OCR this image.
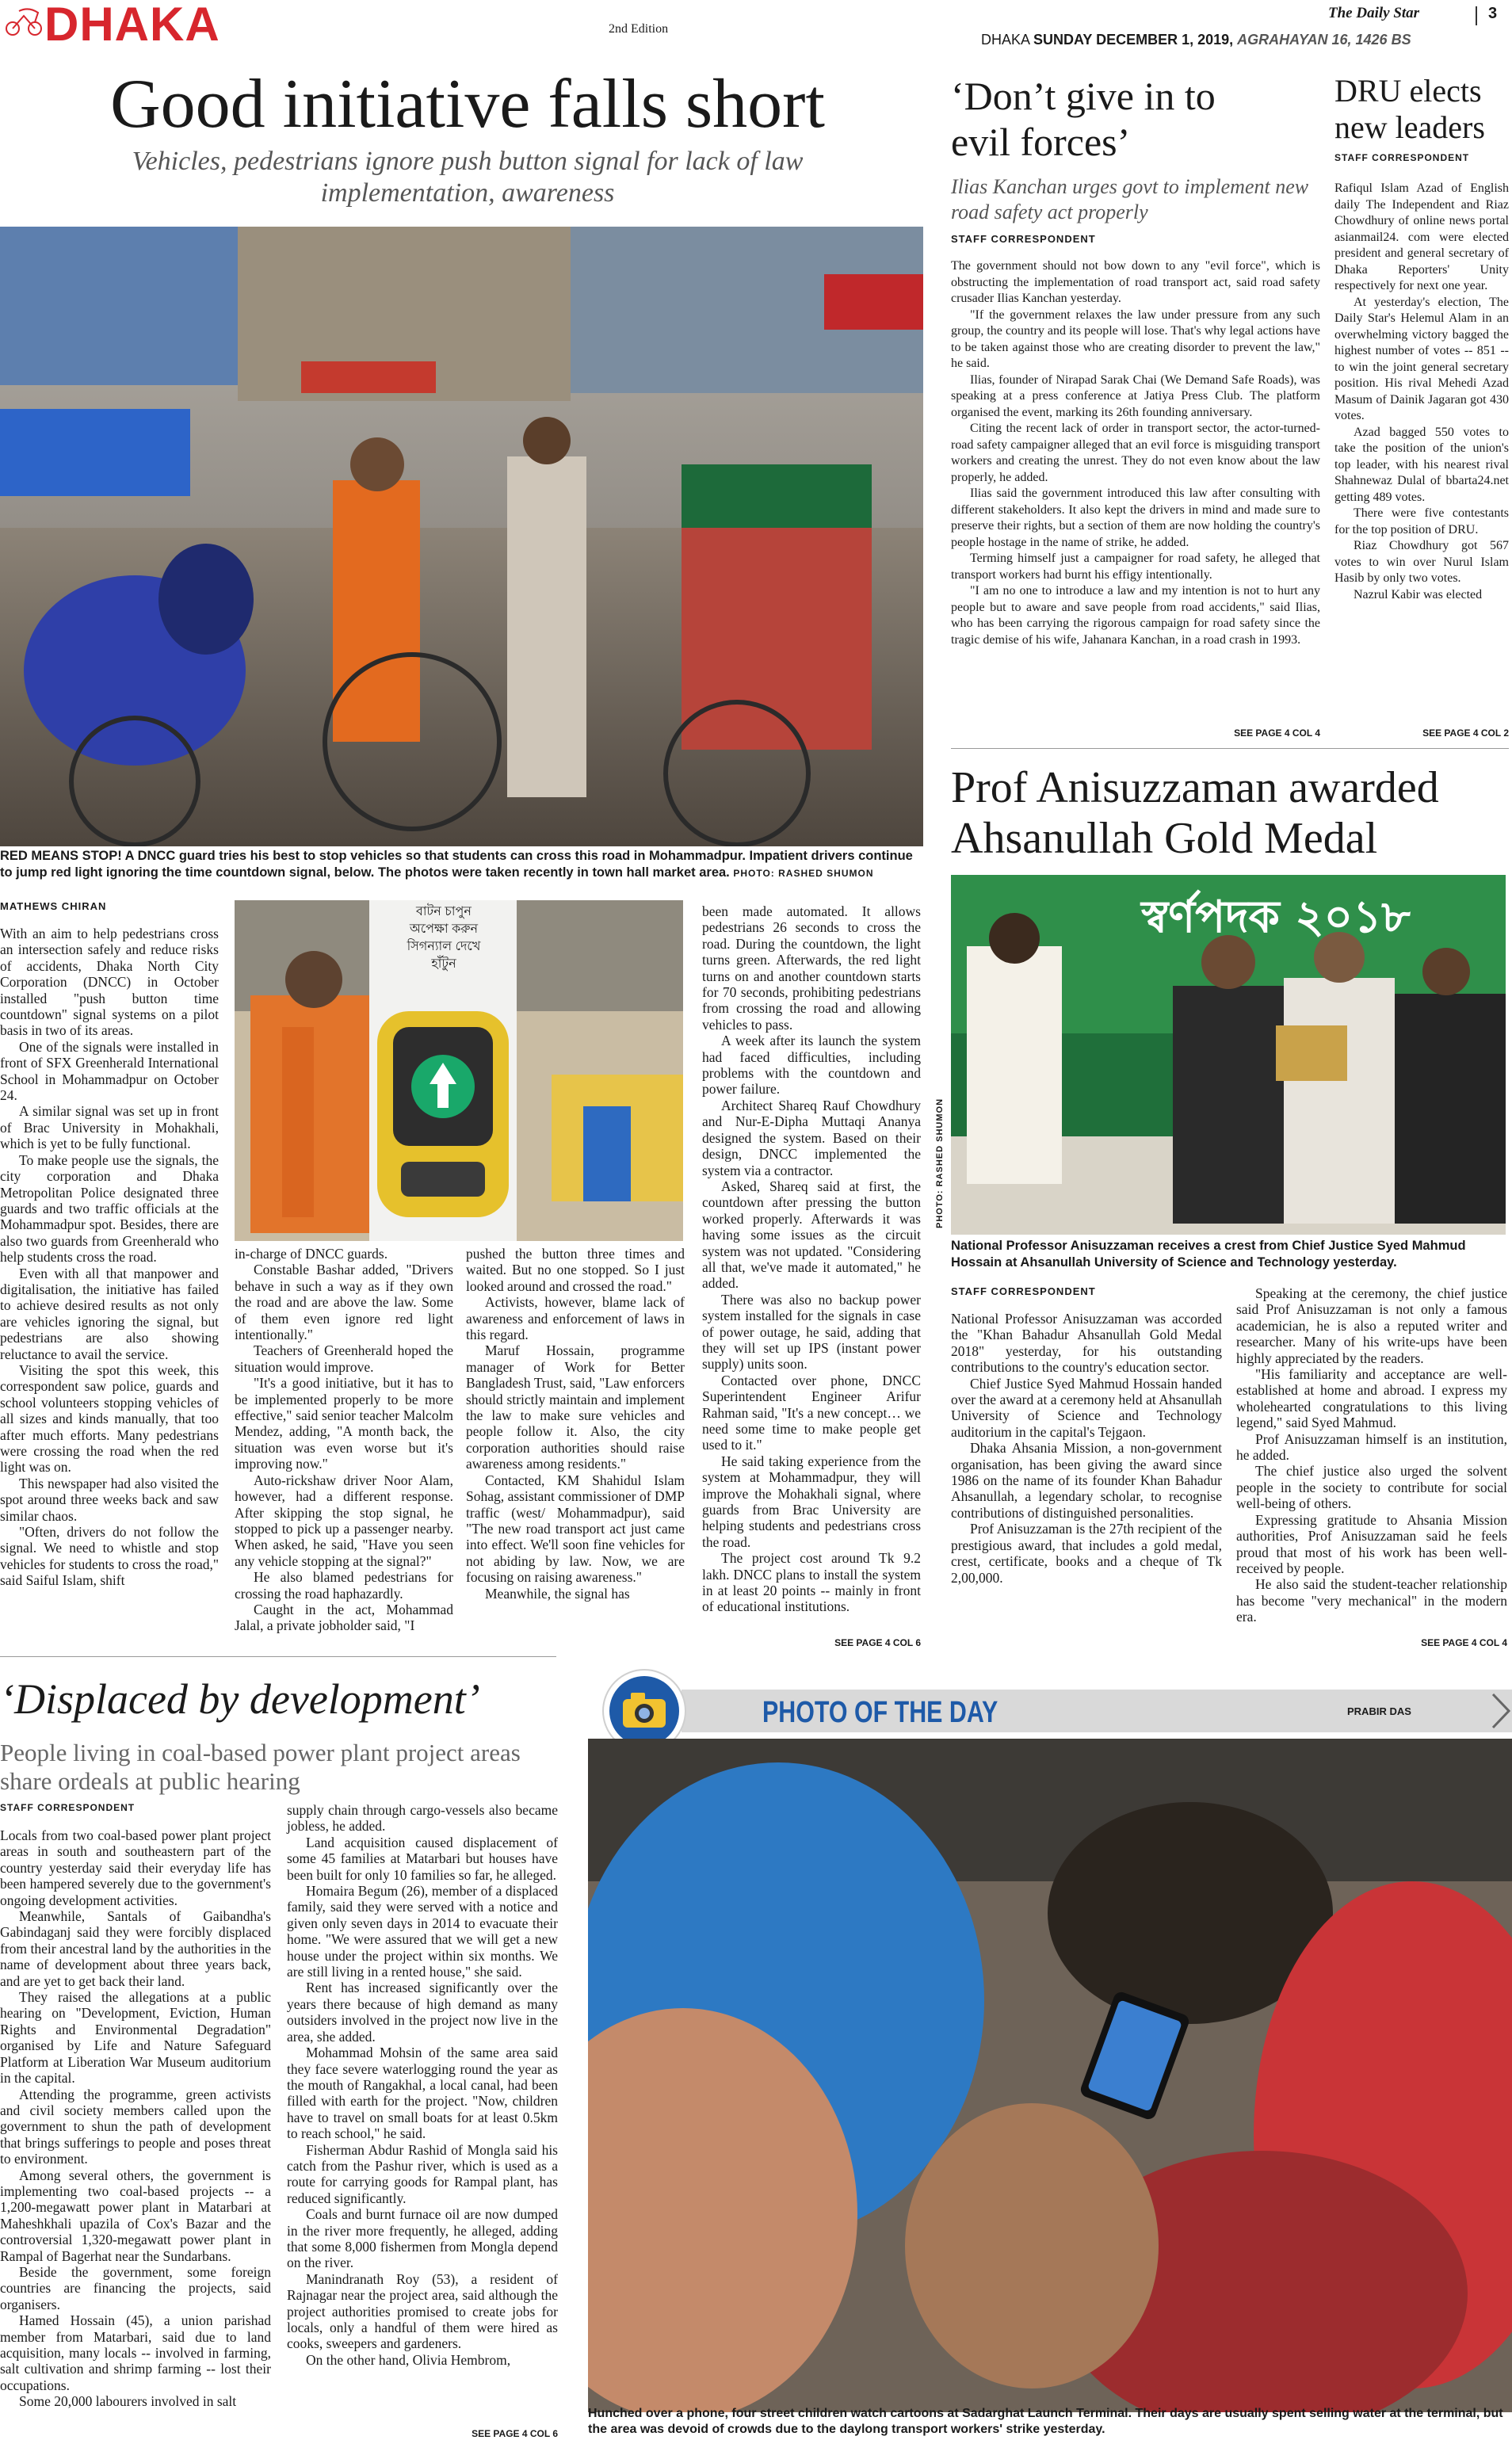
DHAKA	2nd Edition
The Daily Star	3
DHAKA SUNDAY DECEMBER 1, 2019, AGRAHAYAN 16, 1426 BS
Good initiative falls short
Vehicles, pedestrians ignore push button signal for lack of law implementation, awareness
RED MEANS STOP! A DNCC guard tries his best to stop vehicles so that students can cross this road in Mohammadpur. Impatient drivers continue to jump red light ignoring the time countdown signal, below. The photos were taken recently in town hall market area. PHOTO: RASHED SHUMON
MATHEWS CHIRAN

With an aim to help pedestrians cross an intersection safely and reduce risks of accidents, Dhaka North City Corporation (DNCC) in October installed "push button time countdown" signal systems on a pilot basis in two of its areas.

One of the signals were installed in front of SFX Greenherald International School in Mohammadpur on October 24.

A similar signal was set up in front of Brac University in Mohakhali, which is yet to be fully functional.

To make people use the signals, the city corporation and Dhaka Metropolitan Police designated three guards and two traffic officials at the Mohammadpur spot. Besides, there are also two guards from Greenherald who help students cross the road.

Even with all that manpower and digitalisation, the initiative has failed to achieve desired results as not only are vehicles ignoring the signal, but pedestrians are also showing reluctance to avail the service.

Visiting the spot this week, this correspondent saw police, guards and school volunteers stopping vehicles of all sizes and kinds manually, that too after much efforts. Many pedestrians were crossing the road when the red light was on.

This newspaper had also visited the spot around three weeks back and saw similar chaos.

"Often, drivers do not follow the signal. We need to whistle and stop vehicles for students to cross the road," said Saiful Islam, shift

বাটন চাপুন
অপেক্ষা করুন
সিগন্যাল দেখে
হাঁটুন

in-charge of DNCC guards.

Constable Bashar added, "Drivers behave in such a way as if they own the road and are above the law. Some of them even ignore red light intentionally."

Teachers of Greenherald hoped the situation would improve.

"It's a good initiative, but it has to be implemented properly to be more effective," said senior teacher Malcolm Mendez, adding, "A month back, the situation was even worse but it's improving now."

Auto-rickshaw driver Noor Alam, however, had a different response. After skipping the stop signal, he stopped to pick up a passenger nearby. When asked, he said, "Have you seen any vehicle stopping at the signal?"

He also blamed pedestrians for crossing the road haphazardly.

Caught in the act, Mohammad Jalal, a private jobholder said, "I

pushed the button three times and waited. But no one stopped. So I just looked around and crossed the road."

Activists, however, blame lack of awareness and enforcement of laws in this regard.

Maruf Hossain, programme manager of Work for Better Bangladesh Trust, said, "Law enforcers should strictly maintain and implement the law to make sure vehicles and people follow it. Also, the city corporation authorities should raise awareness among residents."

Contacted, KM Shahidul Islam Sohag, assistant commissioner of DMP traffic (west/ Mohammadpur), said "The new road transport act just came into effect. We'll soon fine vehicles for not abiding by law. Now, we are focusing on raising awareness."

Meanwhile, the signal has

been made automated. It allows pedestrians 26 seconds to cross the road. During the countdown, the light turns green. Afterwards, the red light turns on and another countdown starts for 70 seconds, prohibiting pedestrians from crossing the road and allowing vehicles to pass.

A week after its launch the system had faced difficulties, including problems with the countdown and power failure.

Architect Shareq Rauf Chowdhury and Nur-E-Dipha Muttaqi Ananya designed the system. Based on their design, DNCC implemented the system via a contractor.

Asked, Shareq said at first, the countdown after pressing the button worked properly. Afterwards it was having some issues as the circuit system was not updated. "Considering all that, we've made it automated," he added.

There was also no backup power system installed for the signals in case of power outage, he said, adding that they will set up IPS (instant power supply) units soon.

Contacted over phone, DNCC Superintendent Engineer Arifur Rahman said, "It's a new concept… we need some time to make people get used to it."

He said taking experience from the system at Mohammadpur, they will improve the Mohakhali signal, where guards from Brac University are helping students and pedestrians cross the road.

The project cost around Tk 9.2 lakh. DNCC plans to install the system in at least 20 points -- mainly in front of educational institutions.

SEE PAGE 4 COL 6
‘Don’t give in to evil forces’
Ilias Kanchan urges govt to implement new road safety act properly
STAFF CORRESPONDENT

The government should not bow down to any "evil force", which is obstructing the implementation of road transport act, said road safety crusader Ilias Kanchan yesterday.

"If the government relaxes the law under pressure from any such group, the country and its people will lose. That's why legal actions have to be taken against those who are creating disorder to prevent the law," he said.

Ilias, founder of Nirapad Sarak Chai (We Demand Safe Roads), was speaking at a press conference at Jatiya Press Club. The platform organised the event, marking its 26th founding anniversary.

Citing the recent lack of order in transport sector, the actor-turned-road safety campaigner alleged that an evil force is misguiding transport workers and creating the unrest. They do not even know about the law properly, he added.

Ilias said the government introduced this law after consulting with different stakeholders. It also kept the drivers in mind and made sure to preserve their rights, but a section of them are now holding the country's people hostage in the name of strike, he added.

Terming himself just a campaigner for road safety, he alleged that transport workers had burnt his effigy intentionally.

"I am no one to introduce a law and my intention is not to hurt any people but to aware and save people from road accidents," said Ilias, who has been carrying the rigorous campaign for road safety since the tragic demise of his wife, Jahanara Kanchan, in a road crash in 1993.

SEE PAGE 4 COL 4
DRU elects new leaders
STAFF CORRESPONDENT

Rafiqul Islam Azad of English daily The Independent and Riaz Chowdhury of online news portal asianmail24. com were elected president and general secretary of Dhaka Reporters' Unity respectively for next one year.

At yesterday's election, The Daily Star's Helemul Alam in an overwhelming victory bagged the highest number of votes -- 851 -- to win the joint general secretary position. His rival Mehedi Azad Masum of Dainik Jagaran got 430 votes.

Azad bagged 550 votes to take the position of the union's top leader, with his nearest rival Shahnewaz Dulal of bbarta24.net getting 489 votes.

There were five contestants for the top position of DRU.

Riaz Chowdhury got 567 votes to win over Nurul Islam Hasib by only two votes.

Nazrul Kabir was elected

SEE PAGE 4 COL 2
Prof Anisuzzaman awarded Ahsanullah Gold Medal
স্বর্ণপদক ২০১৮
PHOTO: RASHED SHUMON
National Professor Anisuzzaman receives a crest from Chief Justice Syed Mahmud Hossain at Ahsanullah University of Science and Technology yesterday.
STAFF CORRESPONDENT

National Professor Anisuzzaman was accorded the "Khan Bahadur Ahsanullah Gold Medal 2018" yesterday, for his outstanding contributions to the country's education sector.

Chief Justice Syed Mahmud Hossain handed over the award at a ceremony held at Ahsanullah University of Science and Technology auditorium in the capital's Tejgaon.

Dhaka Ahsania Mission, a non-government organisation, has been giving the award since 1986 on the name of its founder Khan Bahadur Ahsanullah, a legendary scholar, to recognise contributions of distinguished personalities.

Prof Anisuzzaman is the 27th recipient of the prestigious award, that includes a gold medal, crest, certificate, books and a cheque of Tk 2,00,000.

Speaking at the ceremony, the chief justice said Prof Anisuzzaman is not only a famous academician, he is also a reputed writer and researcher. Many of his write-ups have been highly appreciated by the readers.

"His familiarity and acceptance are well-established at home and abroad. I express my wholehearted congratulations to this living legend," said Syed Mahmud.

Prof Anisuzzaman himself is an institution, he added.

The chief justice also urged the solvent people in the society to contribute for social well-being of others.

Expressing gratitude to Ahsania Mission authorities, Prof Anisuzzaman said he feels proud that most of his work has been well-received by people.

He also said the student-teacher relationship has become "very mechanical" in the modern era.

SEE PAGE 4 COL 4
‘Displaced by development’
People living in coal-based power plant project areas share ordeals at public hearing
STAFF CORRESPONDENT

Locals from two coal-based power plant project areas in south and southeastern part of the country yesterday said their everyday life has been hampered severely due to the government's ongoing development activities.

Meanwhile, Santals of Gaibandha's Gabindaganj said they were forcibly displaced from their ancestral land by the authorities in the name of development about three years back, and are yet to get back their land.

They raised the allegations at a public hearing on "Development, Eviction, Human Rights and Environmental Degradation" organised by Life and Nature Safeguard Platform at Liberation War Museum auditorium in the capital.

Attending the programme, green activists and civil society members called upon the government to shun the path of development that brings sufferings to people and poses threat to environment.

Among several others, the government is implementing two coal-based projects -- a 1,200-megawatt power plant in Matarbari at Maheshkhali upazila of Cox's Bazar and the controversial 1,320-megawatt power plant in Rampal of Bagerhat near the Sundarbans.

Beside the government, some foreign countries are financing the projects, said organisers.

Hamed Hossain (45), a union parishad member from Matarbari, said due to land acquisition, many locals -- involved in farming, salt cultivation and shrimp farming -- lost their occupations.

Some 20,000 labourers involved in salt

supply chain through cargo-vessels also became jobless, he added.

Land acquisition caused displacement of some 45 families at Matarbari but houses have been built for only 10 families so far, he alleged.

Homaira Begum (26), member of a displaced family, said they were served with a notice and given only seven days in 2014 to evacuate their home. "We were assured that we will get a new house under the project within six months. We are still living in a rented house," she said.

Rent has increased significantly over the years there because of high demand as many outsiders involved in the project now live in the area, she added.

Mohammad Mohsin of the same area said they face severe waterlogging round the year as the mouth of Rangakhal, a local canal, had been filled with earth for the project. "Now, children have to travel on small boats for at least 0.5km to reach school," he said.

Fisherman Abdur Rashid of Mongla said his catch from the Pashur river, which is used as a route for carrying goods for Rampal plant, has reduced significantly.

Coals and burnt furnace oil are now dumped in the river more frequently, he alleged, adding that some 8,000 fishermen from Mongla depend on the river.

Manindranath Roy (53), a resident of Rajnagar near the project area, said although the project authorities promised to create jobs for locals, only a handful of them were hired as cooks, sweepers and gardeners.

On the other hand, Olivia Hembrom,

SEE PAGE 4 COL 6
PHOTO OF THE DAY	PRABIR DAS
Hunched over a phone, four street children watch cartoons at Sadarghat Launch Terminal. Their days are usually spent selling water at the terminal, but the area was devoid of crowds due to the daylong transport workers' strike yesterday.
